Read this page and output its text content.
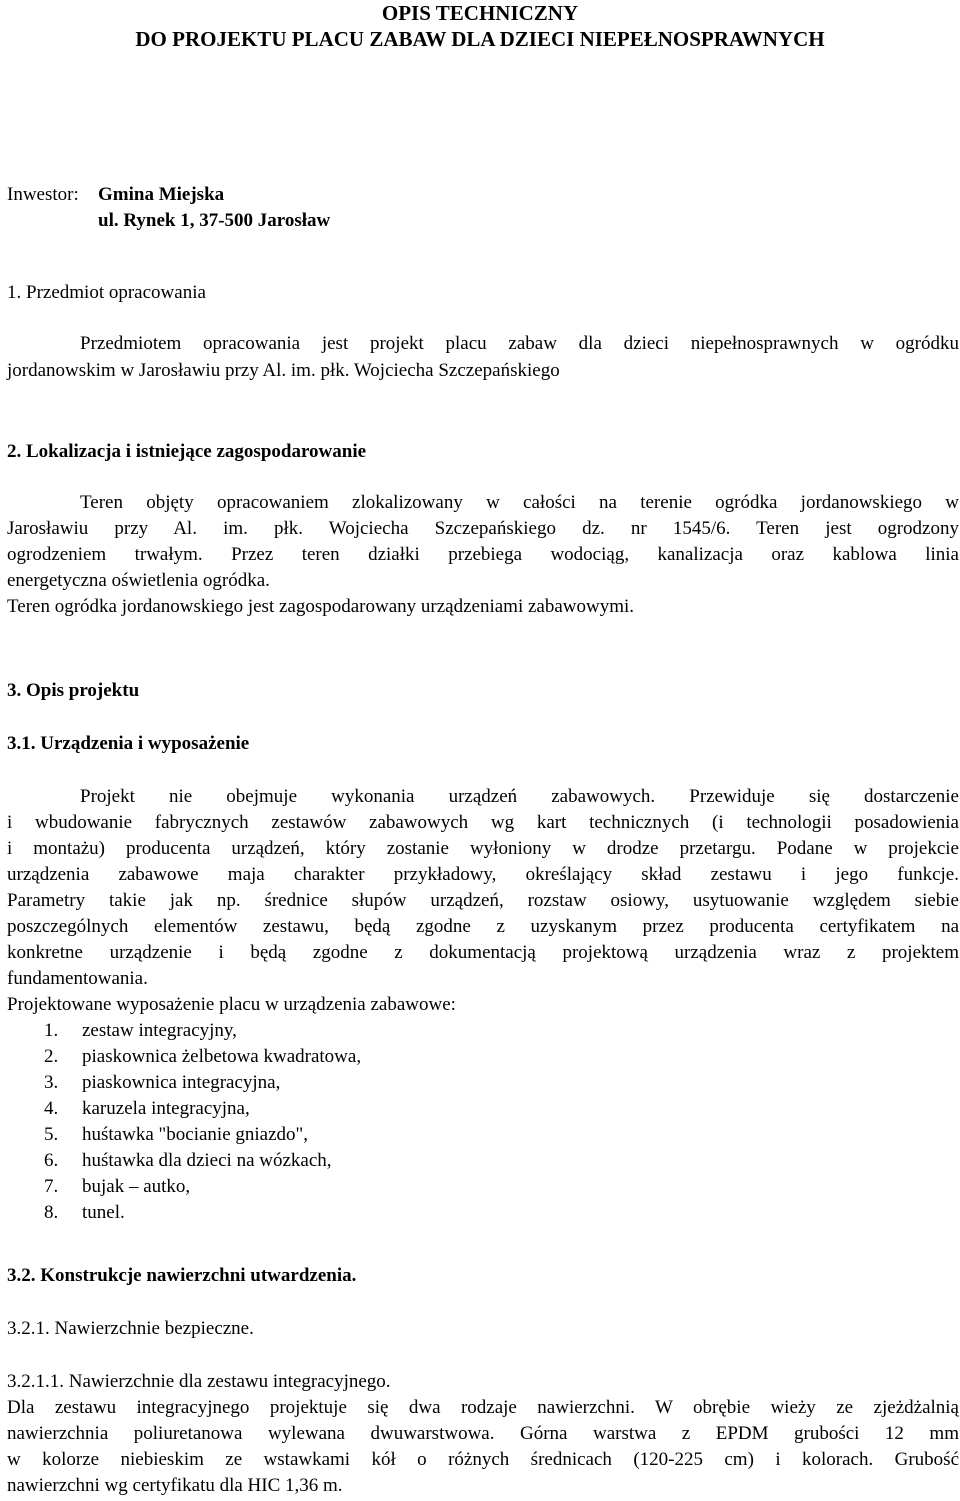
OPIS TECHNICZNY
DO PROJEKTU PLACU ZABAW DLA DZIECI NIEPEŁNOSPRAWNYCH
Inwestor: Gmina Miejska
ul. Rynek 1, 37-500 Jarosław
1. Przedmiot opracowania
Przedmiotem opracowania jest projekt placu zabaw dla dzieci niepełnosprawnych w ogródku
jordanowskim w Jarosławiu przy Al. im. płk. Wojciecha Szczepańskiego
2. Lokalizacja i istniejące zagospodarowanie
Teren objęty opracowaniem zlokalizowany w całości na terenie ogródka jordanowskiego w
Jarosławiu przy Al. im. płk. Wojciecha Szczepańskiego dz. nr 1545/6. Teren jest ogrodzony
ogrodzeniem trwałym. Przez teren działki przebiega wodociąg, kanalizacja oraz kablowa linia
energetyczna oświetlenia ogródka.
Teren ogródka jordanowskiego jest zagospodarowany urządzeniami zabawowymi.
3. Opis projektu
3.1. Urządzenia i wyposażenie
Projekt nie obejmuje wykonania urządzeń zabawowych. Przewiduje się dostarczenie
i wbudowanie fabrycznych zestawów zabawowych wg kart technicznych (i technologii posadowienia
i montażu) producenta urządzeń, który zostanie wyłoniony w drodze przetargu. Podane w projekcie
urządzenia zabawowe maja charakter przykładowy, określający skład zestawu i jego funkcje.
Parametry takie jak np. średnice słupów urządzeń, rozstaw osiowy, usytuowanie względem siebie
poszczególnych elementów zestawu, będą zgodne z uzyskanym przez producenta certyfikatem na
konkretne urządzenie i będą zgodne z dokumentacją projektową urządzenia wraz z projektem
fundamentowania.
Projektowane wyposażenie placu w urządzenia zabawowe:
1. zestaw integracyjny,
2. piaskownica żelbetowa kwadratowa,
3. piaskownica integracyjna,
4. karuzela integracyjna,
5. huśtawka "bocianie gniazdo",
6. huśtawka dla dzieci na wózkach,
7. bujak – autko,
8. tunel.
3.2. Konstrukcje nawierzchni utwardzenia.
3.2.1. Nawierzchnie bezpieczne.
3.2.1.1. Nawierzchnie dla zestawu integracyjnego.
Dla zestawu integracyjnego projektuje się dwa rodzaje nawierzchni. W obrębie wieży ze zjeżdżalnią
nawierzchnia poliuretanowa wylewana dwuwarstwowa. Górna warstwa z EPDM grubości 12 mm
w kolorze niebieskim ze wstawkami kół o różnych średnicach (120-225 cm) i kolorach. Grubość
nawierzchni wg certyfikatu dla HIC 1,36 m.
